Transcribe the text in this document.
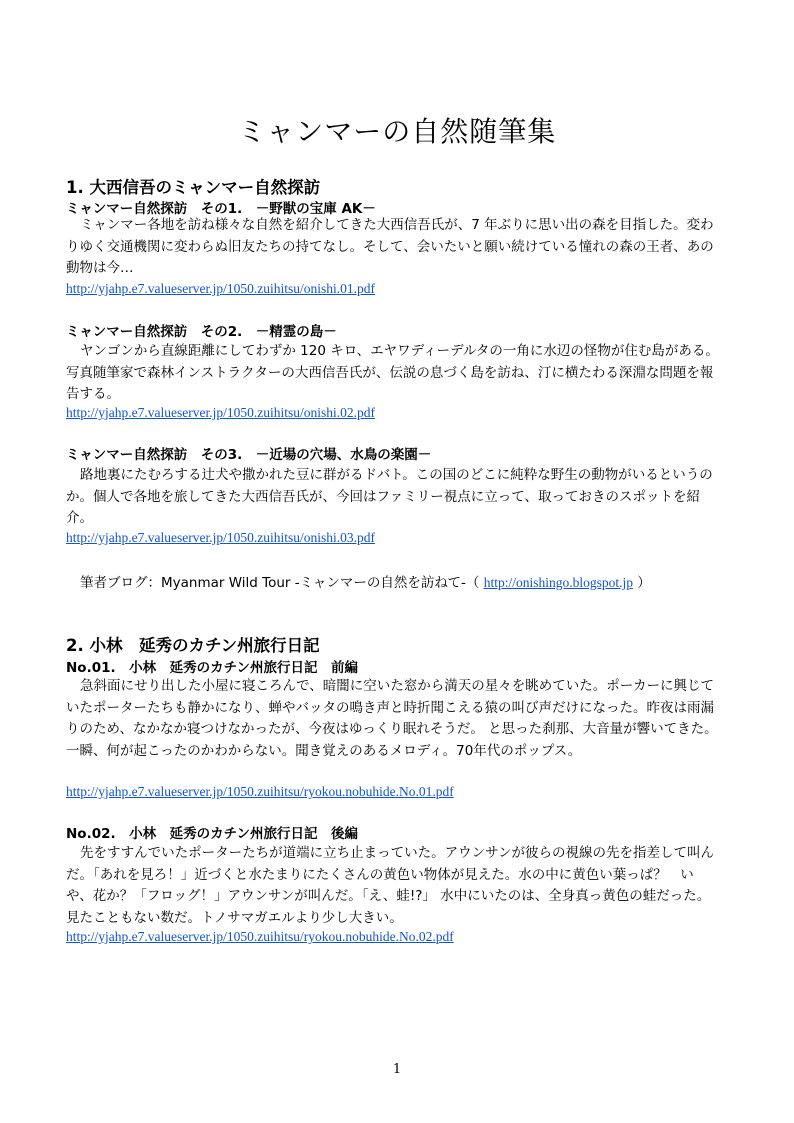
ミャンマーの自然随筆集
1. 大西信吾のミャンマー自然探訪
ミャンマー自然探訪　その1.　－野獣の宝庫 AK－
ミャンマー各地を訪ね様々な自然を紹介してきた大西信吾氏が、7 年ぶりに思い出の森を目指した。変わりゆく交通機関に変わらぬ旧友たちの持てなし。そして、会いたいと願い続けている憧れの森の王者、あの動物は今…
http://yjahp.e7.valueserver.jp/1050.zuihitsu/onishi.01.pdf
ミャンマー自然探訪　その2.　－精霊の島－
ヤンゴンから直線距離にしてわずか 120 キロ、エヤワディーデルタの一角に水辺の怪物が住む島がある。写真随筆家で森林インストラクターの大西信吾氏が、伝説の息づく島を訪ね、汀に横たわる深淵な問題を報告する。
http://yjahp.e7.valueserver.jp/1050.zuihitsu/onishi.02.pdf
ミャンマー自然探訪　その3.　－近場の穴場、水鳥の楽園－
路地裏にたむろする辻犬や撒かれた豆に群がるドバト。この国のどこに純粋な野生の動物がいるというのか。個人で各地を旅してきた大西信吾氏が、今回はファミリー視点に立って、取っておきのスポットを紹介。
http://yjahp.e7.valueserver.jp/1050.zuihitsu/onishi.03.pdf
筆者ブログ：Myanmar Wild Tour -ミャンマーの自然を訪ねて-（ http://onishingo.blogspot.jp ）
2. 小林　延秀のカチン州旅行日記
No.01.　小林　延秀のカチン州旅行日記　前編
急斜面にせり出した小屋に寝ころんで、暗闇に空いた窓から満天の星々を眺めていた。ポーカーに興じていたポーターたちも静かになり、蝉やバッタの鳴き声と時折聞こえる猿の叫び声だけになった。昨夜は雨漏りのため、なかなか寝つけなかったが、今夜はゆっくり眠れそうだ。 と思った刹那、大音量が響いてきた。一瞬、何が起こったのかわからない。聞き覚えのあるメロディ。70年代のポップス。
http://yjahp.e7.valueserver.jp/1050.zuihitsu/ryokou.nobuhide.No.01.pdf
No.02.　小林　延秀のカチン州旅行日記　後編
先をすすんでいたポーターたちが道端に立ち止まっていた。アウンサンが彼らの視線の先を指差して叫んだ。「あれを見ろ！」近づくと水たまりにたくさんの黄色い物体が見えた。水の中に黄色い葉っぱ？　いや、花か？「フロッグ！」アウンサンが叫んだ。「え、蛙!?」 水中にいたのは、全身真っ黄色の蛙だった。見たこともない数だ。トノサマガエルより少し大きい。
http://yjahp.e7.valueserver.jp/1050.zuihitsu/ryokou.nobuhide.No.02.pdf
1
